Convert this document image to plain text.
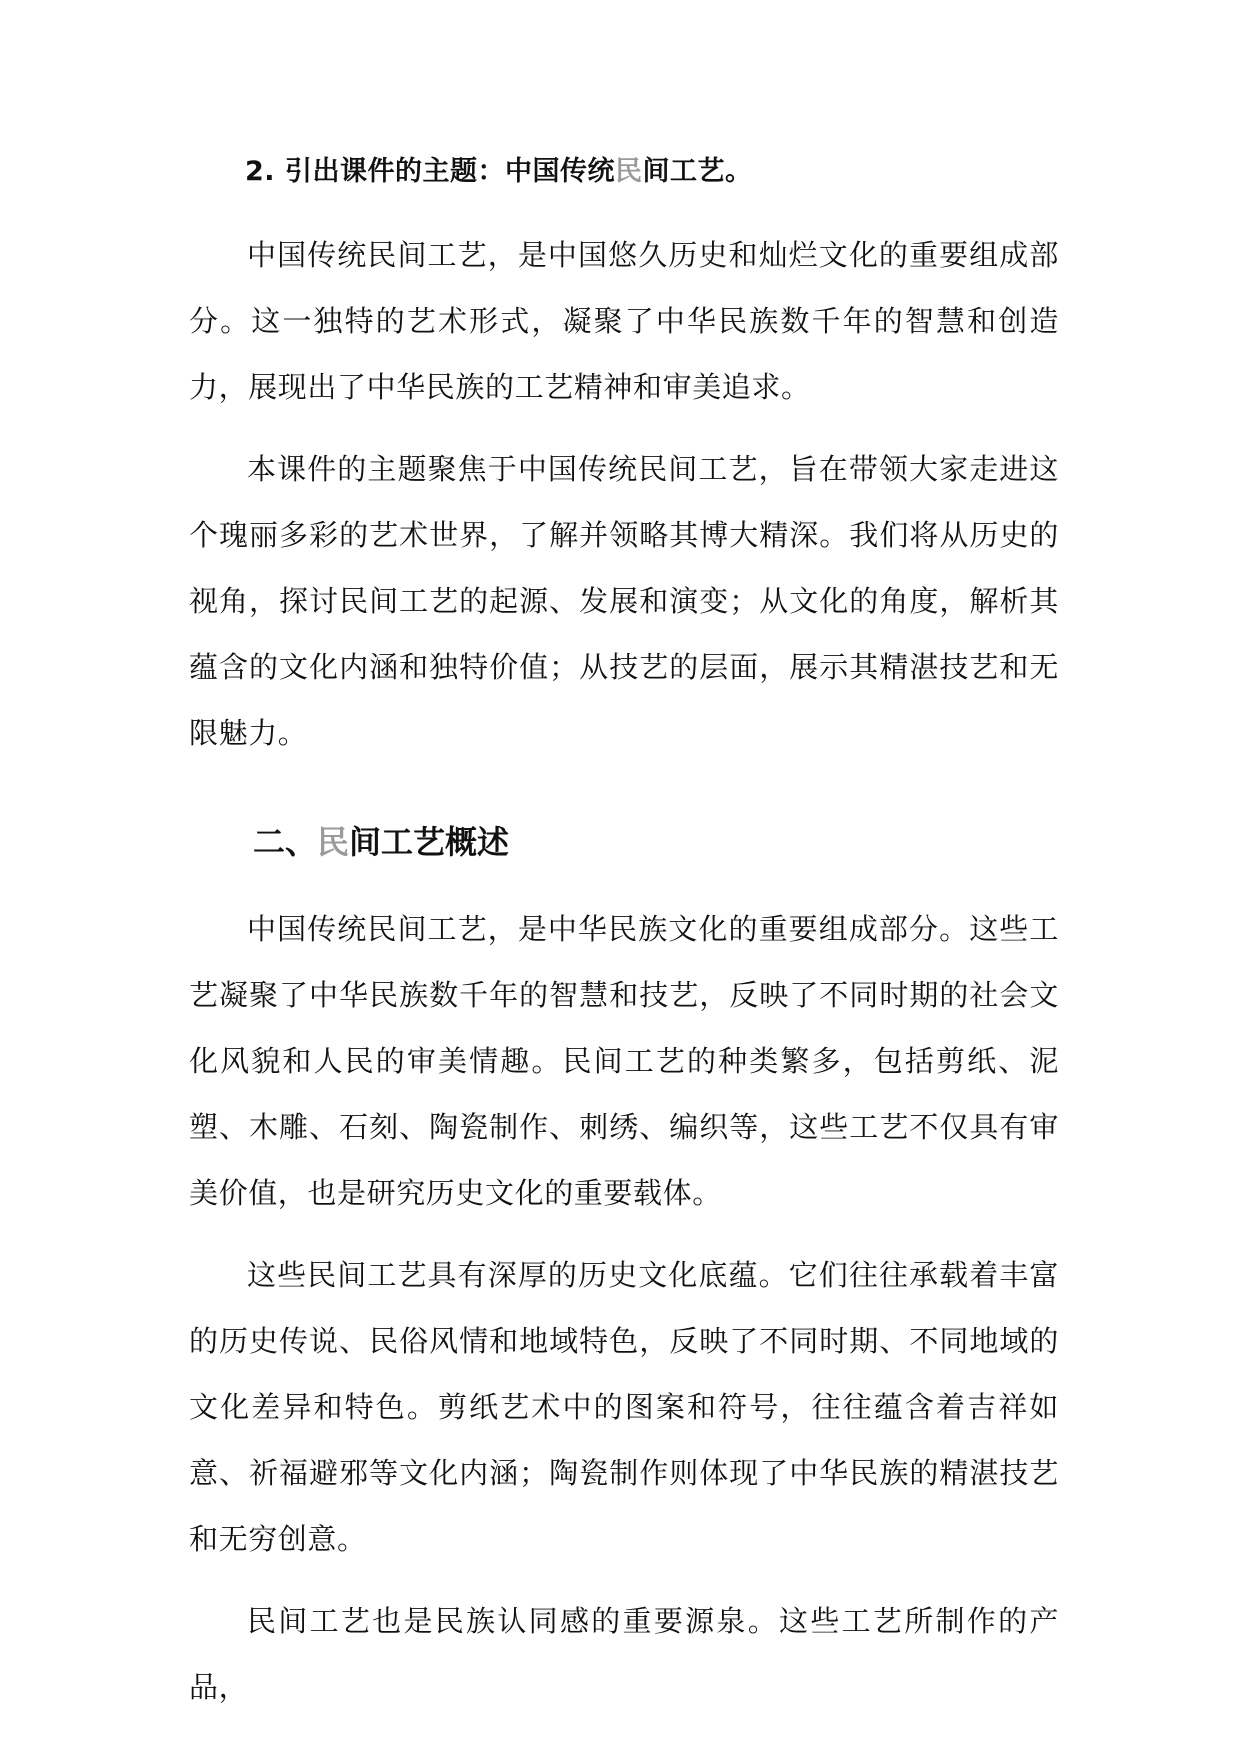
2. 引出课件的主题：中国传统民间工艺。

中国传统民间工艺，是中国悠久历史和灿烂文化的重要组成部分。这一独特的艺术形式，凝聚了中华民族数千年的智慧和创造力，展现出了中华民族的工艺精神和审美追求。

本课件的主题聚焦于中国传统民间工艺，旨在带领大家走进这个瑰丽多彩的艺术世界，了解并领略其博大精深。我们将从历史的视角，探讨民间工艺的起源、发展和演变；从文化的角度，解析其蕴含的文化内涵和独特价值；从技艺的层面，展示其精湛技艺和无限魅力。

二、民间工艺概述

中国传统民间工艺，是中华民族文化的重要组成部分。这些工艺凝聚了中华民族数千年的智慧和技艺，反映了不同时期的社会文化风貌和人民的审美情趣。民间工艺的种类繁多，包括剪纸、泥塑、木雕、石刻、陶瓷制作、刺绣、编织等，这些工艺不仅具有审美价值，也是研究历史文化的重要载体。

这些民间工艺具有深厚的历史文化底蕴。它们往往承载着丰富的历史传说、民俗风情和地域特色，反映了不同时期、不同地域的文化差异和特色。剪纸艺术中的图案和符号，往往蕴含着吉祥如意、祈福避邪等文化内涵；陶瓷制作则体现了中华民族的精湛技艺和无穷创意。

民间工艺也是民族认同感的重要源泉。这些工艺所制作的产品，
